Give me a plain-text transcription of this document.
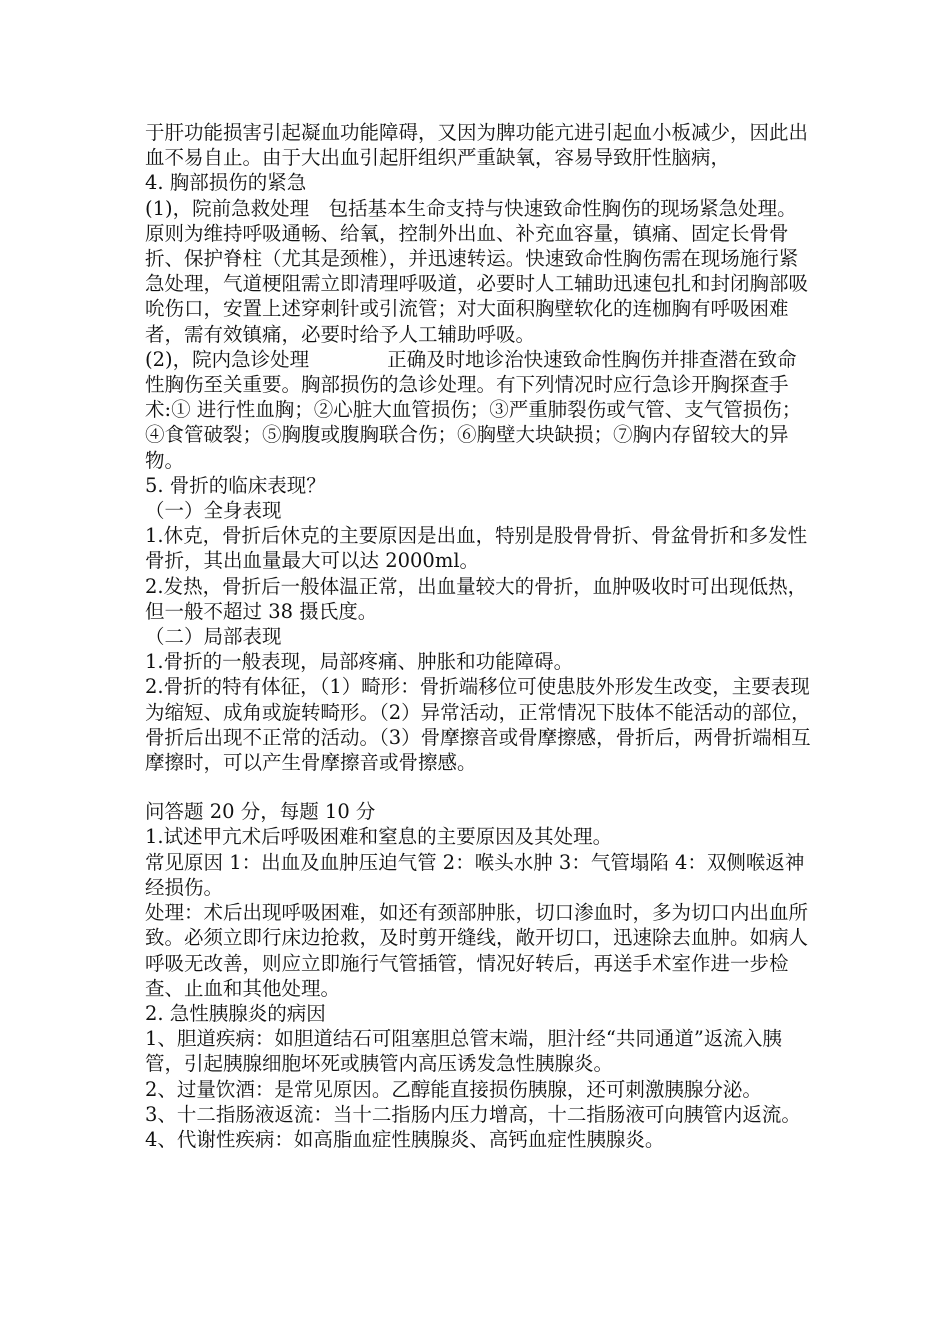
于肝功能损害引起凝血功能障碍，又因为脾功能亢进引起血小板减少，因此出血不易自止。由于大出血引起肝组织严重缺氧，容易导致肝性脑病，

4. 胸部损伤的紧急

(1)，院前急救处理　包括基本生命支持与快速致命性胸伤的现场紧急处理。原则为维持呼吸通畅、给氧，控制外出血、补充血容量，镇痛、固定长骨骨折、保护脊柱（尤其是颈椎），并迅速转运。快速致命性胸伤需在现场施行紧急处理，气道梗阻需立即清理呼吸道，必要时人工辅助迅速包扎和封闭胸部吸吮伤口，安置上述穿刺针或引流管；对大面积胸壁软化的连枷胸有呼吸困难者，需有效镇痛，必要时给予人工辅助呼吸。

(2)，院内急诊处理　　　　正确及时地诊治快速致命性胸伤并排查潜在致命性胸伤至关重要。胸部损伤的急诊处理。有下列情况时应行急诊开胸探查手术:① 进行性血胸；②心脏大血管损伤；③严重肺裂伤或气管、支气管损伤；④食管破裂；⑤胸腹或腹胸联合伤；⑥胸壁大块缺损；⑦胸内存留较大的异物。

5. 骨折的临床表现？

（一）全身表现

1.休克，骨折后休克的主要原因是出血，特别是股骨骨折、骨盆骨折和多发性骨折，其出血量最大可以达 2000ml。

2.发热，骨折后一般体温正常，出血量较大的骨折，血肿吸收时可出现低热，但一般不超过 38 摄氏度。

（二）局部表现

1.骨折的一般表现，局部疼痛、肿胀和功能障碍。

2.骨折的特有体征，（1）畸形：骨折端移位可使患肢外形发生改变，主要表现为缩短、成角或旋转畸形。（2）异常活动，正常情况下肢体不能活动的部位，骨折后出现不正常的活动。（3）骨摩擦音或骨摩擦感，骨折后，两骨折端相互摩擦时，可以产生骨摩擦音或骨擦感。

问答题 20 分，每题 10 分

1.试述甲亢术后呼吸困难和窒息的主要原因及其处理。

常见原因 1：出血及血肿压迫气管 2：喉头水肿 3：气管塌陷 4：双侧喉返神经损伤。

处理：术后出现呼吸困难，如还有颈部肿胀，切口渗血时，多为切口内出血所致。必须立即行床边抢救，及时剪开缝线，敞开切口，迅速除去血肿。如病人呼吸无改善，则应立即施行气管插管，情况好转后，再送手术室作进一步检查、止血和其他处理。

2. 急性胰腺炎的病因

1、胆道疾病：如胆道结石可阻塞胆总管末端，胆汁经“共同通道”返流入胰管，引起胰腺细胞坏死或胰管内高压诱发急性胰腺炎。

2、过量饮酒：是常见原因。乙醇能直接损伤胰腺，还可刺激胰腺分泌。

3、十二指肠液返流：当十二指肠内压力增高，十二指肠液可向胰管内返流。

4、代谢性疾病：如高脂血症性胰腺炎、高钙血症性胰腺炎。
